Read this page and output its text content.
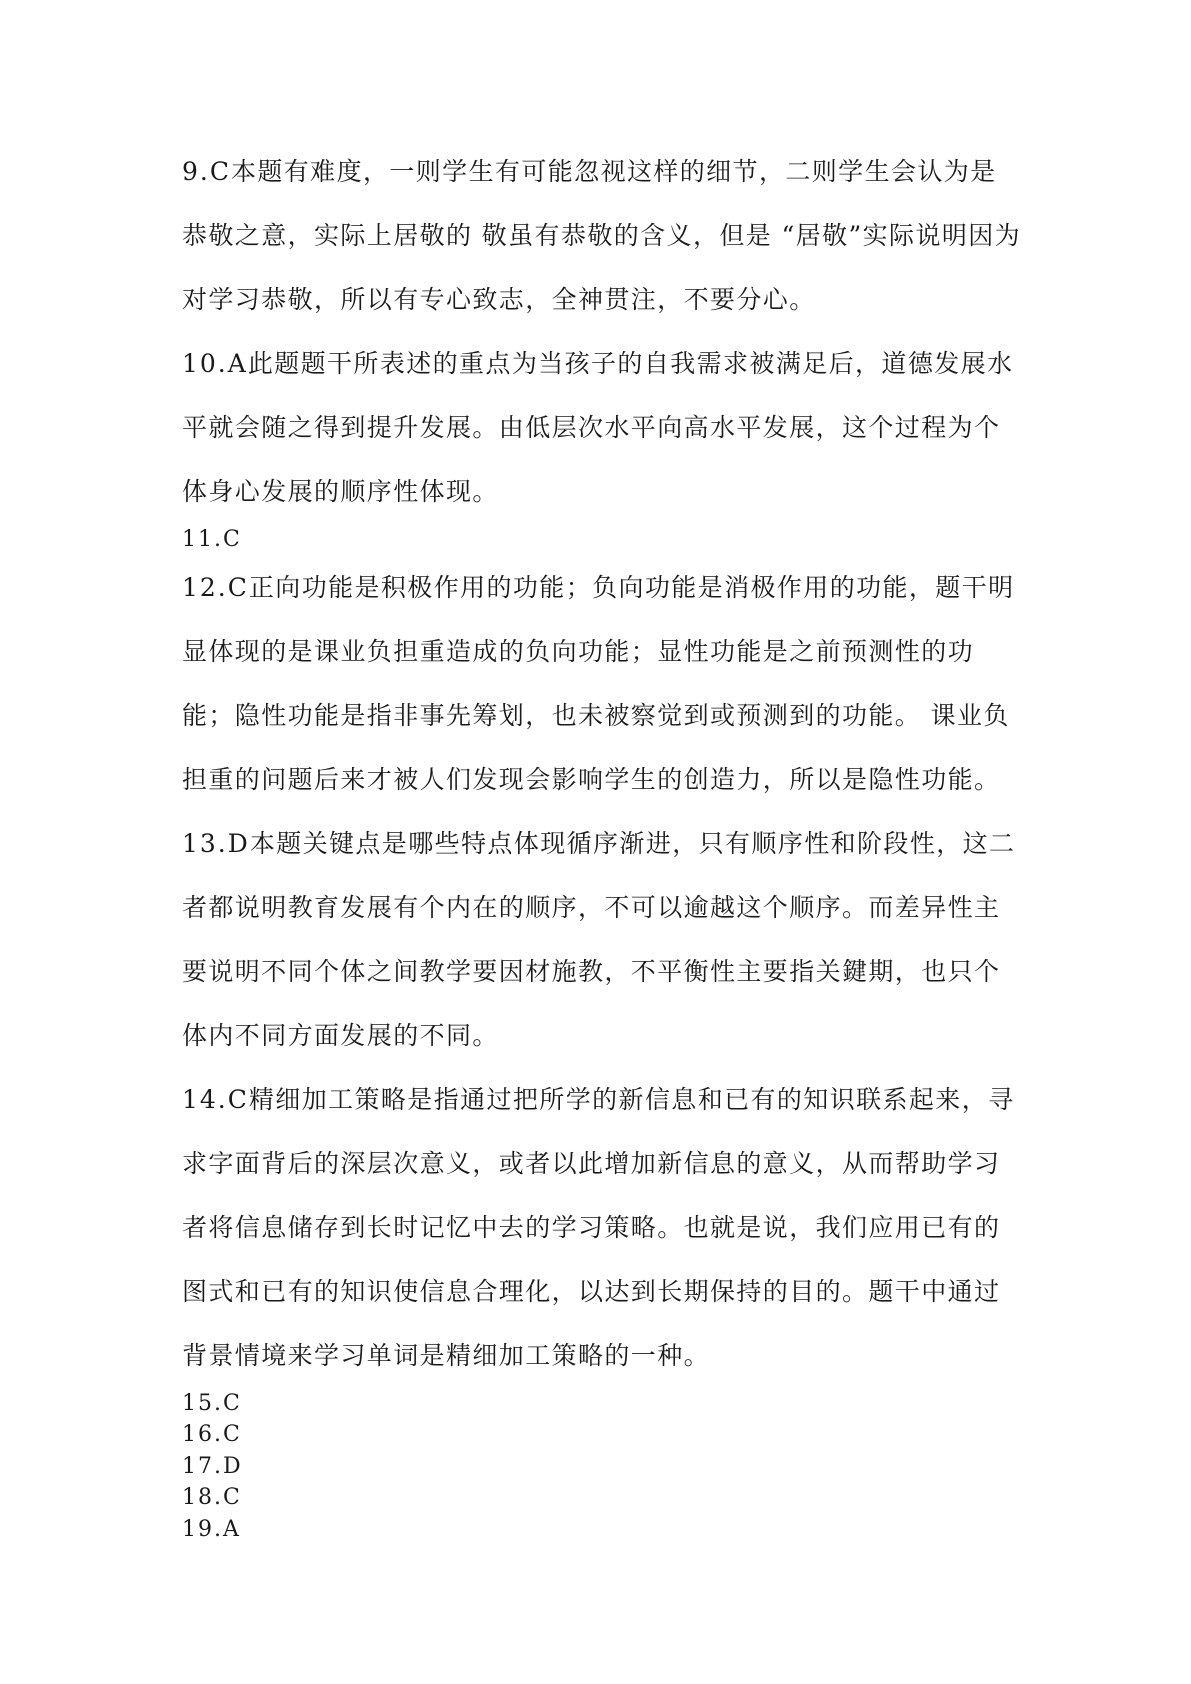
9.C本题有难度，一则学生有可能忽视这样的细节，二则学生会认为是恭敬之意，实际上居敬的 敬虽有恭敬的含义，但是 “居敬”实际说明因为对学习恭敬，所以有专心致志，全神贯注，不要分心。

10.A此题题干所表述的重点为当孩子的自我需求被满足后，道德发展水平就会随之得到提升发展。由低层次水平向高水平发展，这个过程为个体身心发展的顺序性体现。

11.C

12.C正向功能是积极作用的功能；负向功能是消极作用的功能，题干明显体现的是课业负担重造成的负向功能；显性功能是之前预测性的功能；隐性功能是指非事先筹划，也未被察觉到或预测到的功能。 课业负担重的问题后来才被人们发现会影响学生的创造力，所以是隐性功能。

13.D本题关键点是哪些特点体现循序渐进，只有顺序性和阶段性，这二者都说明教育发展有个内在的顺序，不可以逾越这个顺序。而差异性主要说明不同个体之间教学要因材施教，不平衡性主要指关鍵期，也只个体内不同方面发展的不同。

14.C精细加工策略是指通过把所学的新信息和已有的知识联系起来，寻求字面背后的深层次意义，或者以此增加新信息的意义，从而帮助学习者将信息储存到长时记忆中去的学习策略。也就是说，我们应用已有的图式和已有的知识使信息合理化，以达到长期保持的目的。题干中通过背景情境来学习单词是精细加工策略的一种。

15.C

16.C

17.D

18.C

19.A
